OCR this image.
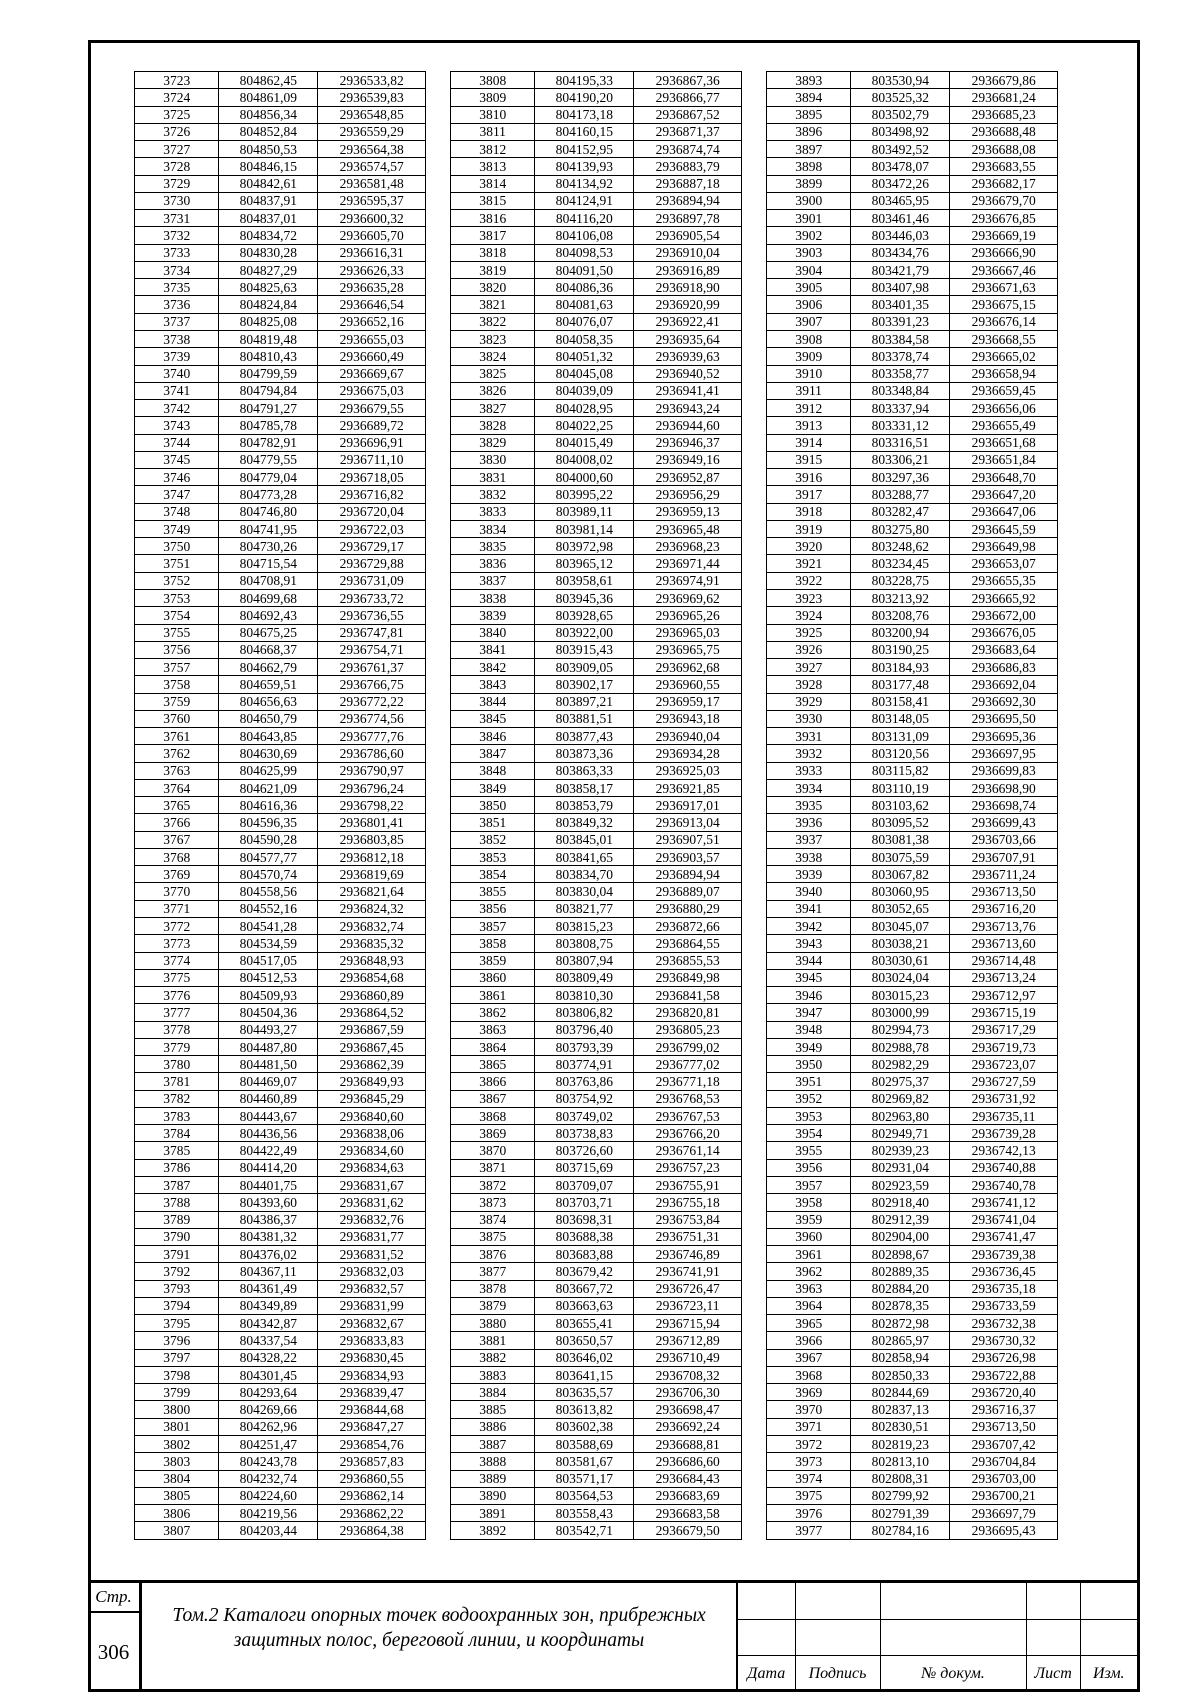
3723	804862,45	2936533,82
3724	804861,09	2936539,83
3725	804856,34	2936548,85
3726	804852,84	2936559,29
3727	804850,53	2936564,38
3728	804846,15	2936574,57
3729	804842,61	2936581,48
3730	804837,91	2936595,37
3731	804837,01	2936600,32
3732	804834,72	2936605,70
3733	804830,28	2936616,31
3734	804827,29	2936626,33
3735	804825,63	2936635,28
3736	804824,84	2936646,54
3737	804825,08	2936652,16
3738	804819,48	2936655,03
3739	804810,43	2936660,49
3740	804799,59	2936669,67
3741	804794,84	2936675,03
3742	804791,27	2936679,55
3743	804785,78	2936689,72
3744	804782,91	2936696,91
3745	804779,55	2936711,10
3746	804779,04	2936718,05
3747	804773,28	2936716,82
3748	804746,80	2936720,04
3749	804741,95	2936722,03
3750	804730,26	2936729,17
3751	804715,54	2936729,88
3752	804708,91	2936731,09
3753	804699,68	2936733,72
3754	804692,43	2936736,55
3755	804675,25	2936747,81
3756	804668,37	2936754,71
3757	804662,79	2936761,37
3758	804659,51	2936766,75
3759	804656,63	2936772,22
3760	804650,79	2936774,56
3761	804643,85	2936777,76
3762	804630,69	2936786,60
3763	804625,99	2936790,97
3764	804621,09	2936796,24
3765	804616,36	2936798,22
3766	804596,35	2936801,41
3767	804590,28	2936803,85
3768	804577,77	2936812,18
3769	804570,74	2936819,69
3770	804558,56	2936821,64
3771	804552,16	2936824,32
3772	804541,28	2936832,74
3773	804534,59	2936835,32
3774	804517,05	2936848,93
3775	804512,53	2936854,68
3776	804509,93	2936860,89
3777	804504,36	2936864,52
3778	804493,27	2936867,59
3779	804487,80	2936867,45
3780	804481,50	2936862,39
3781	804469,07	2936849,93
3782	804460,89	2936845,29
3783	804443,67	2936840,60
3784	804436,56	2936838,06
3785	804422,49	2936834,60
3786	804414,20	2936834,63
3787	804401,75	2936831,67
3788	804393,60	2936831,62
3789	804386,37	2936832,76
3790	804381,32	2936831,77
3791	804376,02	2936831,52
3792	804367,11	2936832,03
3793	804361,49	2936832,57
3794	804349,89	2936831,99
3795	804342,87	2936832,67
3796	804337,54	2936833,83
3797	804328,22	2936830,45
3798	804301,45	2936834,93
3799	804293,64	2936839,47
3800	804269,66	2936844,68
3801	804262,96	2936847,27
3802	804251,47	2936854,76
3803	804243,78	2936857,83
3804	804232,74	2936860,55
3805	804224,60	2936862,14
3806	804219,56	2936862,22
3807	804203,44	2936864,38
3808	804195,33	2936867,36
3809	804190,20	2936866,77
3810	804173,18	2936867,52
3811	804160,15	2936871,37
3812	804152,95	2936874,74
3813	804139,93	2936883,79
3814	804134,92	2936887,18
3815	804124,91	2936894,94
3816	804116,20	2936897,78
3817	804106,08	2936905,54
3818	804098,53	2936910,04
3819	804091,50	2936916,89
3820	804086,36	2936918,90
3821	804081,63	2936920,99
3822	804076,07	2936922,41
3823	804058,35	2936935,64
3824	804051,32	2936939,63
3825	804045,08	2936940,52
3826	804039,09	2936941,41
3827	804028,95	2936943,24
3828	804022,25	2936944,60
3829	804015,49	2936946,37
3830	804008,02	2936949,16
3831	804000,60	2936952,87
3832	803995,22	2936956,29
3833	803989,11	2936959,13
3834	803981,14	2936965,48
3835	803972,98	2936968,23
3836	803965,12	2936971,44
3837	803958,61	2936974,91
3838	803945,36	2936969,62
3839	803928,65	2936965,26
3840	803922,00	2936965,03
3841	803915,43	2936965,75
3842	803909,05	2936962,68
3843	803902,17	2936960,55
3844	803897,21	2936959,17
3845	803881,51	2936943,18
3846	803877,43	2936940,04
3847	803873,36	2936934,28
3848	803863,33	2936925,03
3849	803858,17	2936921,85
3850	803853,79	2936917,01
3851	803849,32	2936913,04
3852	803845,01	2936907,51
3853	803841,65	2936903,57
3854	803834,70	2936894,94
3855	803830,04	2936889,07
3856	803821,77	2936880,29
3857	803815,23	2936872,66
3858	803808,75	2936864,55
3859	803807,94	2936855,53
3860	803809,49	2936849,98
3861	803810,30	2936841,58
3862	803806,82	2936820,81
3863	803796,40	2936805,23
3864	803793,39	2936799,02
3865	803774,91	2936777,02
3866	803763,86	2936771,18
3867	803754,92	2936768,53
3868	803749,02	2936767,53
3869	803738,83	2936766,20
3870	803726,60	2936761,14
3871	803715,69	2936757,23
3872	803709,07	2936755,91
3873	803703,71	2936755,18
3874	803698,31	2936753,84
3875	803688,38	2936751,31
3876	803683,88	2936746,89
3877	803679,42	2936741,91
3878	803667,72	2936726,47
3879	803663,63	2936723,11
3880	803655,41	2936715,94
3881	803650,57	2936712,89
3882	803646,02	2936710,49
3883	803641,15	2936708,32
3884	803635,57	2936706,30
3885	803613,82	2936698,47
3886	803602,38	2936692,24
3887	803588,69	2936688,81
3888	803581,67	2936686,60
3889	803571,17	2936684,43
3890	803564,53	2936683,69
3891	803558,43	2936683,58
3892	803542,71	2936679,50
3893	803530,94	2936679,86
3894	803525,32	2936681,24
3895	803502,79	2936685,23
3896	803498,92	2936688,48
3897	803492,52	2936688,08
3898	803478,07	2936683,55
3899	803472,26	2936682,17
3900	803465,95	2936679,70
3901	803461,46	2936676,85
3902	803446,03	2936669,19
3903	803434,76	2936666,90
3904	803421,79	2936667,46
3905	803407,98	2936671,63
3906	803401,35	2936675,15
3907	803391,23	2936676,14
3908	803384,58	2936668,55
3909	803378,74	2936665,02
3910	803358,77	2936658,94
3911	803348,84	2936659,45
3912	803337,94	2936656,06
3913	803331,12	2936655,49
3914	803316,51	2936651,68
3915	803306,21	2936651,84
3916	803297,36	2936648,70
3917	803288,77	2936647,20
3918	803282,47	2936647,06
3919	803275,80	2936645,59
3920	803248,62	2936649,98
3921	803234,45	2936653,07
3922	803228,75	2936655,35
3923	803213,92	2936665,92
3924	803208,76	2936672,00
3925	803200,94	2936676,05
3926	803190,25	2936683,64
3927	803184,93	2936686,83
3928	803177,48	2936692,04
3929	803158,41	2936692,30
3930	803148,05	2936695,50
3931	803131,09	2936695,36
3932	803120,56	2936697,95
3933	803115,82	2936699,83
3934	803110,19	2936698,90
3935	803103,62	2936698,74
3936	803095,52	2936699,43
3937	803081,38	2936703,66
3938	803075,59	2936707,91
3939	803067,82	2936711,24
3940	803060,95	2936713,50
3941	803052,65	2936716,20
3942	803045,07	2936713,76
3943	803038,21	2936713,60
3944	803030,61	2936714,48
3945	803024,04	2936713,24
3946	803015,23	2936712,97
3947	803000,99	2936715,19
3948	802994,73	2936717,29
3949	802988,78	2936719,73
3950	802982,29	2936723,07
3951	802975,37	2936727,59
3952	802969,82	2936731,92
3953	802963,80	2936735,11
3954	802949,71	2936739,28
3955	802939,23	2936742,13
3956	802931,04	2936740,88
3957	802923,59	2936740,78
3958	802918,40	2936741,12
3959	802912,39	2936741,04
3960	802904,00	2936741,47
3961	802898,67	2936739,38
3962	802889,35	2936736,45
3963	802884,20	2936735,18
3964	802878,35	2936733,59
3965	802872,98	2936732,38
3966	802865,97	2936730,32
3967	802858,94	2936726,98
3968	802850,33	2936722,88
3969	802844,69	2936720,40
3970	802837,13	2936716,37
3971	802830,51	2936713,50
3972	802819,23	2936707,42
3973	802813,10	2936704,84
3974	802808,31	2936703,00
3975	802799,92	2936700,21
3976	802791,39	2936697,79
3977	802784,16	2936695,43
Стр.
306
Том.2 Каталоги опорных точек водоохранных зон, прибрежных
защитных полос, береговой линии, и координаты

Дата	Подпись	№ докум.	Лист	Изм.
